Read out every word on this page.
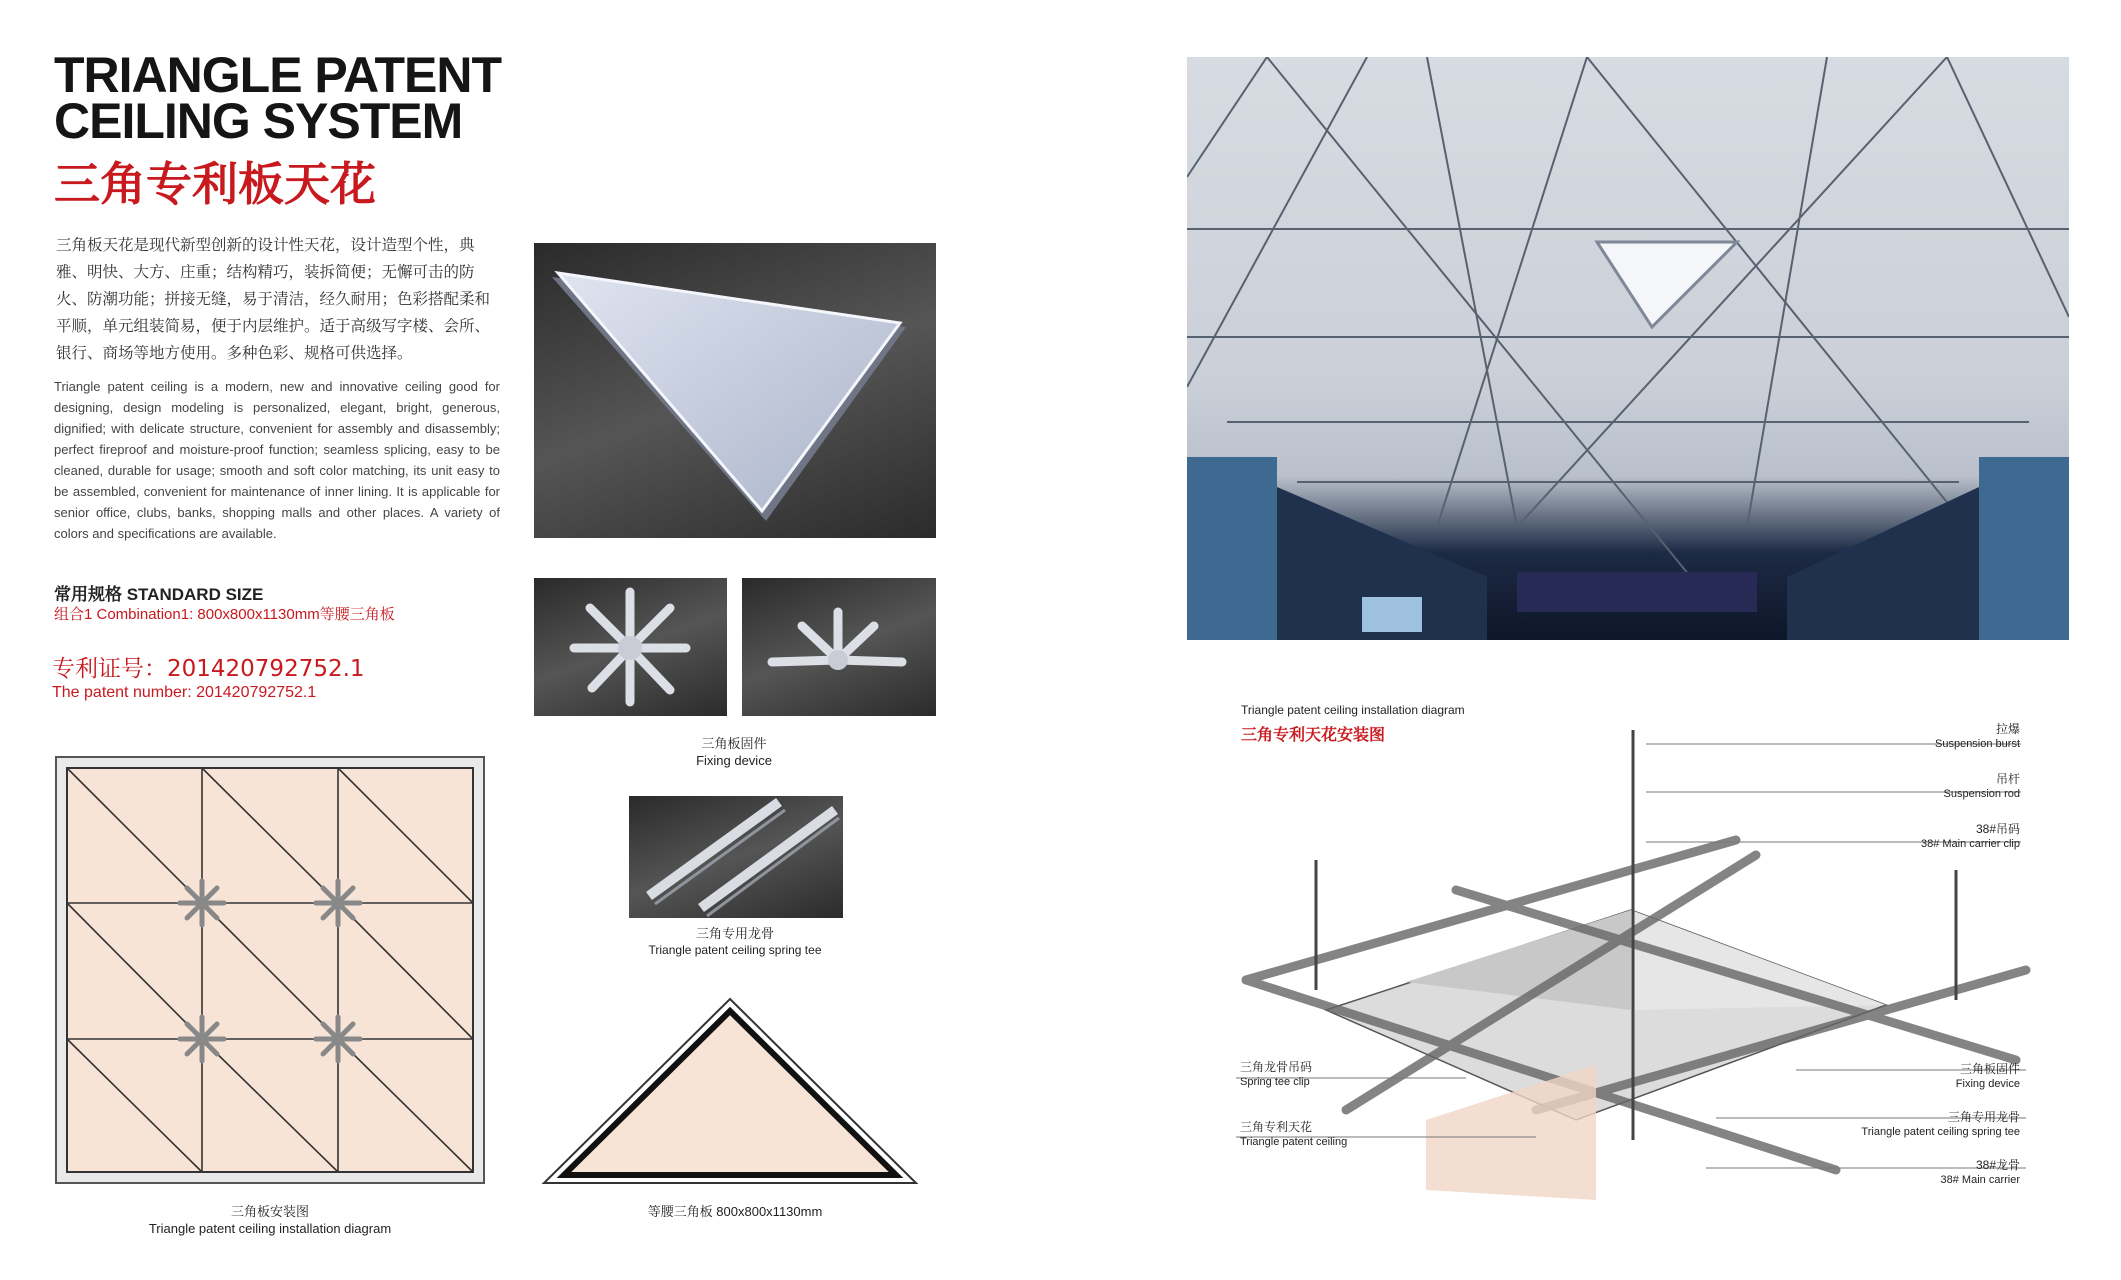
TRIANGLE PATENT
CEILING SYSTEM
三角专利板天花
三角板天花是现代新型创新的设计性天花，设计造型个性，典雅、明快、大方、庄重；结构精巧，装拆简便；无懈可击的防火、防潮功能；拼接无缝，易于清洁，经久耐用；色彩搭配柔和平顺，单元组装简易，便于内层维护。适于高级写字楼、会所、银行、商场等地方使用。多种色彩、规格可供选择。
Triangle patent ceiling is a modern, new and innovative ceiling good for designing, design modeling is personalized, elegant, bright, generous, dignified; with delicate structure, convenient for assembly and disassembly; perfect fireproof and moisture-proof function; seamless splicing, easy to be cleaned, durable for usage; smooth and soft color matching, its unit easy to be assembled, convenient for maintenance of inner lining. It is applicable for senior office, clubs, banks, shopping malls and other places. A variety of colors and specifications are available.
常用规格 STANDARD SIZE
组合1 Combination1: 800x800x1130mm等腰三角板
专利证号：201420792752.1
The patent number: 201420792752.1
三角板固件
Fixing device
三角专用龙骨
Triangle patent ceiling spring tee
三角板安装图
Triangle patent ceiling installation diagram
等腰三角板 800x800x1130mm
Triangle patent ceiling installation diagram
三角专利天花安装图	拉爆
Suspension burst
吊杆
Suspension rod
38#吊码
38# Main carrier clip
三角板固件
Fixing device
三角专用龙骨
Triangle patent ceiling spring tee
38#龙骨
38# Main carrier
三角龙骨吊码
Spring tee clip
三角专利天花
Triangle patent ceiling
